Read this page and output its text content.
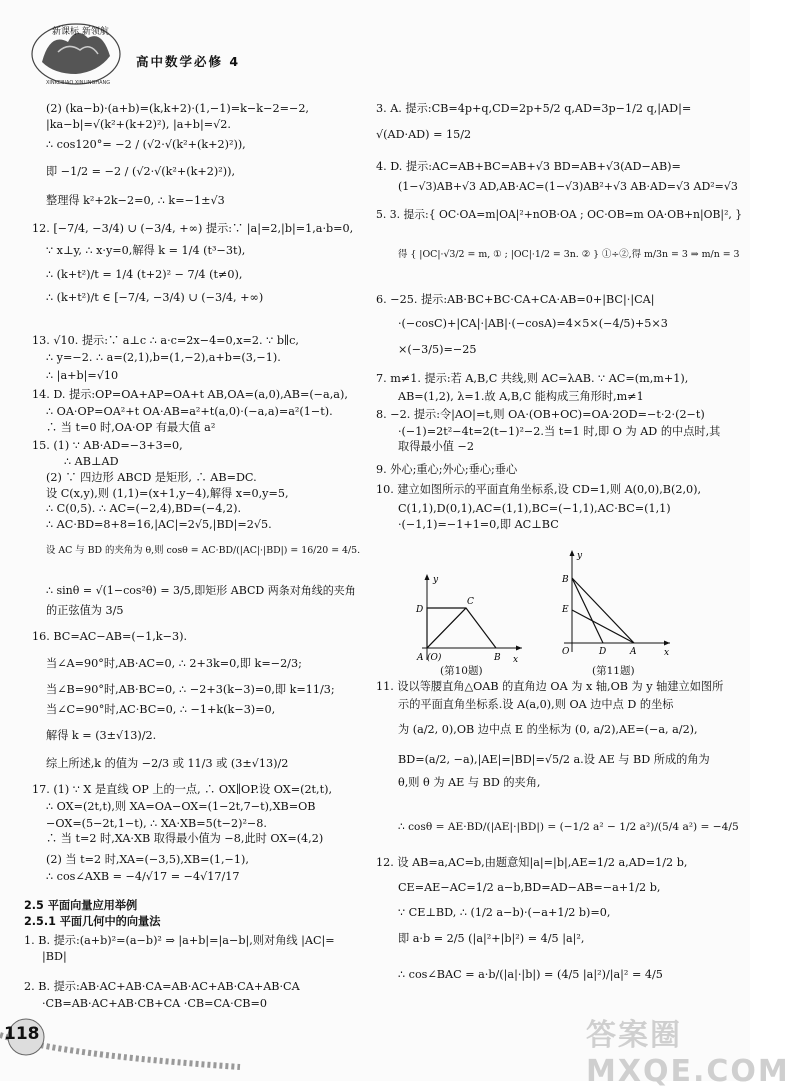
新课标 新领航
XINKEBIAO XINLINGHANG
高中数学必修 4
y
D
C
A (O)	B x
(第10题)
y
B
E
O	D	A	x
(第11题)
118	答案圈 MXQE.COM
(2) (ka−b)·(a+b)=(k,k+2)·(1,−1)=k−k−2=−2,
|ka−b|=√(k²+(k+2)²), |a+b|=√2.
∴ cos120°= −2 / (√2·√(k²+(k+2)²)),
即 −1/2 = −2 / (√2·√(k²+(k+2)²)),
整理得 k²+2k−2=0, ∴ k=−1±√3
12. [−7/4, −3/4) ∪ (−3/4, +∞) 提示:∵ |a|=2,|b|=1,a·b=0,
∵ x⊥y, ∴ x·y=0,解得 k = 1/4 (t³−3t),
∴ (k+t²)/t = 1/4 (t+2)² − 7/4 (t≠0),
∴ (k+t²)/t ∈ [−7/4, −3/4) ∪ (−3/4, +∞)
13. √10. 提示:∵ a⊥c ∴ a·c=2x−4=0,x=2. ∵ b∥c,
∴ y=−2. ∴ a=(2,1),b=(1,−2),a+b=(3,−1).
∴ |a+b|=√10
14. D. 提示:OP=OA+AP=OA+t AB,OA=(a,0),AB=(−a,a),
∴ OA·OP=OA²+t OA·AB=a²+t(a,0)·(−a,a)=a²(1−t).
∴ 当 t=0 时,OA·OP 有最大值 a²
15. (1) ∵ AB·AD=−3+3=0,
∴ AB⊥AD
(2) ∵ 四边形 ABCD 是矩形, ∴ AB=DC.
设 C(x,y),则 (1,1)=(x+1,y−4),解得 x=0,y=5,
∴ C(0,5). ∴ AC=(−2,4),BD=(−4,2).
∴ AC·BD=8+8=16,|AC|=2√5,|BD|=2√5.
设 AC 与 BD 的夹角为 θ,则 cosθ = AC·BD/(|AC|·|BD|) = 16/20 = 4/5.
∴ sinθ = √(1−cos²θ) = 3/5,即矩形 ABCD 两条对角线的夹角
的正弦值为 3/5
16. BC=AC−AB=(−1,k−3).
当∠A=90°时,AB·AC=0, ∴ 2+3k=0,即 k=−2/3;
当∠B=90°时,AB·BC=0, ∴ −2+3(k−3)=0,即 k=11/3;
当∠C=90°时,AC·BC=0, ∴ −1+k(k−3)=0,
解得 k = (3±√13)/2.
综上所述,k 的值为 −2/3 或 11/3 或 (3±√13)/2
17. (1) ∵ X 是直线 OP 上的一点, ∴ OX∥OP.设 OX=(2t,t),
∴ OX=(2t,t),则 XA=OA−OX=(1−2t,7−t),XB=OB
−OX=(5−2t,1−t), ∴ XA·XB=5(t−2)²−8.
∴ 当 t=2 时,XA·XB 取得最小值为 −8,此时 OX=(4,2)
(2) 当 t=2 时,XA=(−3,5),XB=(1,−1),
∴ cos∠AXB = −4/√17 = −4√17/17
2.5 平面向量应用举例
2.5.1 平面几何中的向量法
1. B. 提示:(a+b)²=(a−b)² ⇒ |a+b|=|a−b|,则对角线 |AC|=
|BD|
2. B. 提示:AB·AC+AB·CA=AB·AC+AB·CA+AB·CA
·CB=AB·AC+AB·CB+CA ·CB=CA·CB=0
3. A. 提示:CB=4p+q,CD=2p+5/2 q,AD=3p−1/2 q,|AD|=
√(AD·AD) = 15/2
4. D. 提示:AC=AB+BC=AB+√3 BD=AB+√3(AD−AB)=
(1−√3)AB+√3 AD,AB·AC=(1−√3)AB²+√3 AB·AD=√3 AD²=√3
5. 3. 提示:{ OC·OA=m|OA|²+nOB·OA ; OC·OB=m OA·OB+n|OB|², }
得 { |OC|·√3/2 = m, ① ; |OC|·1/2 = 3n. ② } ①÷②,得 m/3n = 3 ⇒ m/n = 3
6. −25. 提示:AB·BC+BC·CA+CA·AB=0+|BC|·|CA|
·(−cosC)+|CA|·|AB|·(−cosA)=4×5×(−4/5)+5×3
×(−3/5)=−25
7. m≠1. 提示:若 A,B,C 共线,则 AC=λAB. ∵ AC=(m,m+1),
AB=(1,2), λ=1.故 A,B,C 能构成三角形时,m≠1
8. −2. 提示:令|AO|=t,则 OA·(OB+OC)=OA·2OD=−t·2·(2−t)
·(−1)=2t²−4t=2(t−1)²−2.当 t=1 时,即 O 为 AD 的中点时,其
取得最小值 −2
9. 外心;重心;外心;垂心;垂心
10. 建立如图所示的平面直角坐标系,设 CD=1,则 A(0,0),B(2,0),
C(1,1),D(0,1),AC=(1,1),BC=(−1,1),AC·BC=(1,1)
·(−1,1)=−1+1=0,即 AC⊥BC
11. 设以等腰直角△OAB 的直角边 OA 为 x 轴,OB 为 y 轴建立如图所
示的平面直角坐标系.设 A(a,0),则 OA 边中点 D 的坐标
为 (a/2, 0),OB 边中点 E 的坐标为 (0, a/2),AE=(−a, a/2),
BD=(a/2, −a),|AE|=|BD|=√5/2 a.设 AE 与 BD 所成的角为
θ,则 θ 为 AE 与 BD 的夹角,
∴ cosθ = AE·BD/(|AE|·|BD|) = (−1/2 a² − 1/2 a²)/(5/4 a²) = −4/5
12. 设 AB=a,AC=b,由题意知|a|=|b|,AE=1/2 a,AD=1/2 b,
CE=AE−AC=1/2 a−b,BD=AD−AB=−a+1/2 b,
∵ CE⊥BD, ∴ (1/2 a−b)·(−a+1/2 b)=0,
即 a·b = 2/5 (|a|²+|b|²) = 4/5 |a|²,
∴ cos∠BAC = a·b/(|a|·|b|) = (4/5 |a|²)/|a|² = 4/5
